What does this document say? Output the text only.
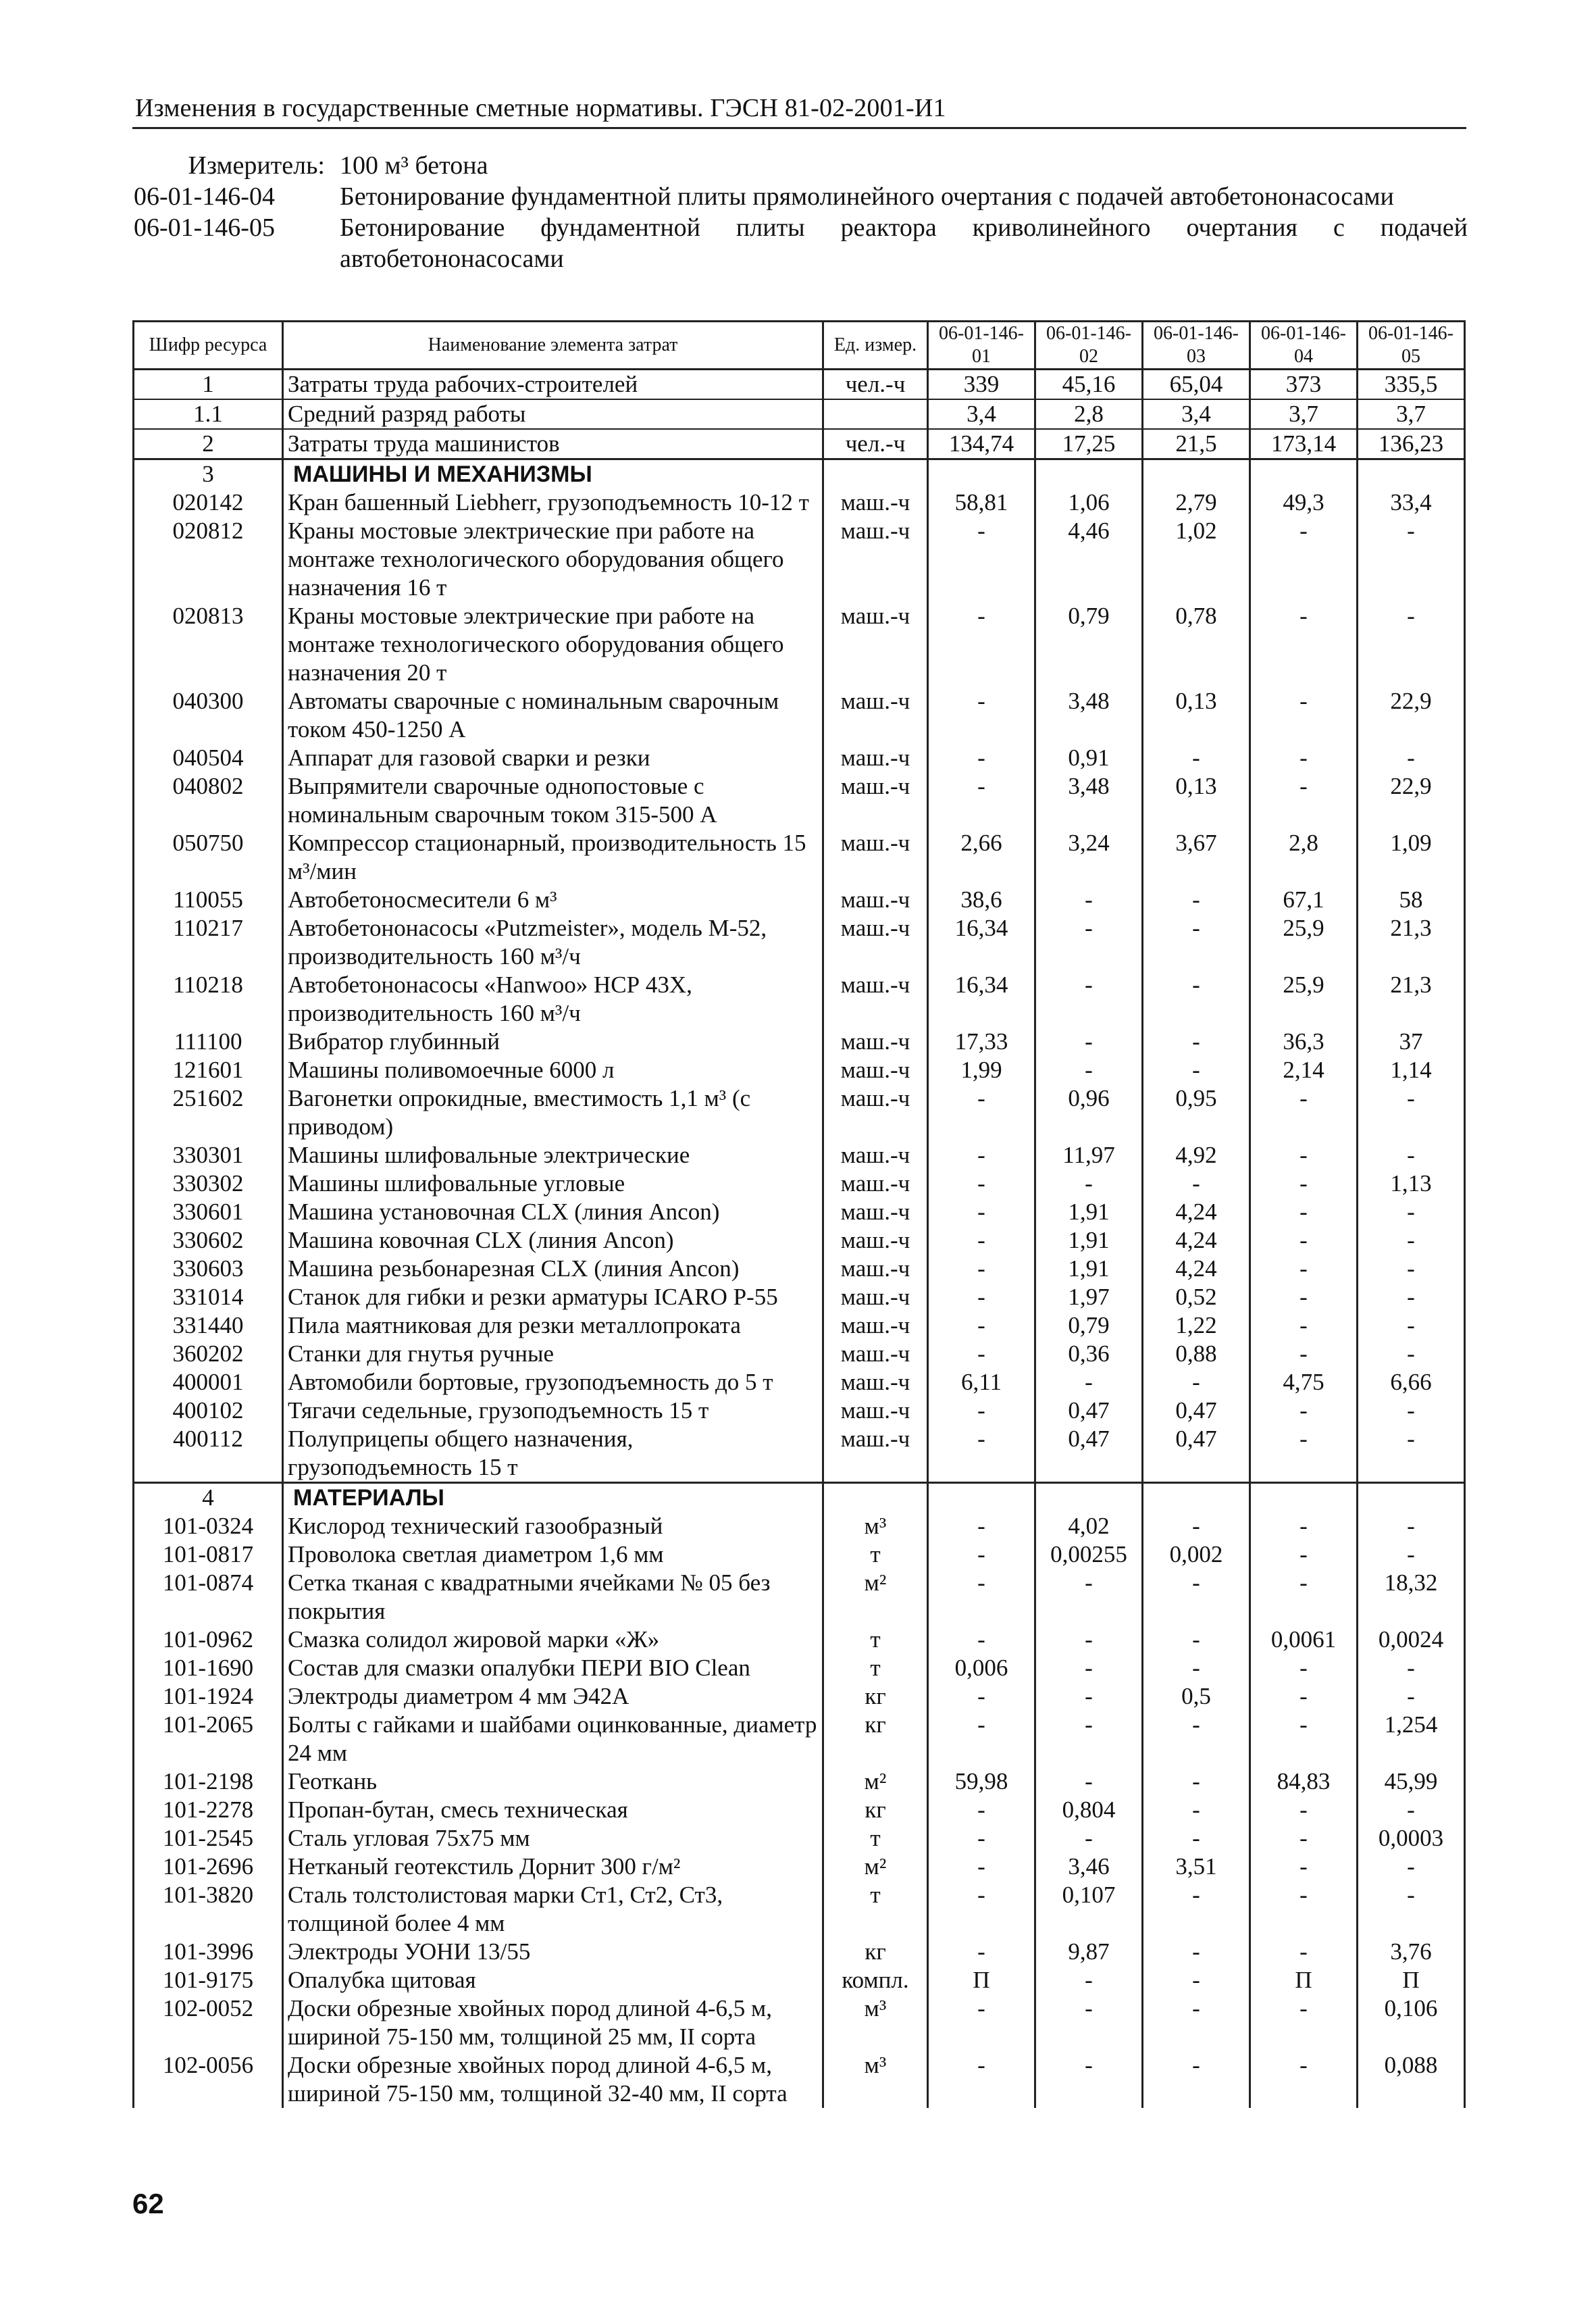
Изменения в государственные сметные нормативы. ГЭСН 81-02-2001-И1
Измеритель: 100 м³ бетона
06-01-146-04	Бетонирование фундаментной плиты прямолинейного очертания с подачей автобетононасосами
06-01-146-05	Бетонирование фундаментной плиты реактора криволинейного очертания с подачей автобетононасосами
Шифр ресурса	Наименование элемента затрат	Ед. измер.	06-01-146-01	06-01-146-02	06-01-146-03	06-01-146-04	06-01-146-05
1	Затраты труда рабочих-строителей	чел.-ч	339	45,16	65,04	373	335,5
1.1	Средний разряд работы		3,4	2,8	3,4	3,7	3,7
2	Затраты труда машинистов	чел.-ч	134,74	17,25	21,5	173,14	136,23
3	МАШИНЫ И МЕХАНИЗМЫ						
020142	Кран башенный Liebherr, грузоподъемность 10-12 т	маш.-ч	58,81	1,06	2,79	49,3	33,4
020812	Краны мостовые электрические при работе на монтаже технологического оборудования общего назначения 16 т	маш.-ч	-	4,46	1,02	-	-
020813	Краны мостовые электрические при работе на монтаже технологического оборудования общего назначения 20 т	маш.-ч	-	0,79	0,78	-	-
040300	Автоматы сварочные с номинальным сварочным током 450-1250 А	маш.-ч	-	3,48	0,13	-	22,9
040504	Аппарат для газовой сварки и резки	маш.-ч	-	0,91	-	-	-
040802	Выпрямители сварочные однопостовые с номинальным сварочным током 315-500 А	маш.-ч	-	3,48	0,13	-	22,9
050750	Компрессор стационарный, производительность 15 м³/мин	маш.-ч	2,66	3,24	3,67	2,8	1,09
110055	Автобетоносмесители 6 м³	маш.-ч	38,6	-	-	67,1	58
110217	Автобетононасосы «Putzmeister», модель М-52, производительность 160 м³/ч	маш.-ч	16,34	-	-	25,9	21,3
110218	Автобетононасосы «Hanwoo» НСР 43Х, производительность 160 м³/ч	маш.-ч	16,34	-	-	25,9	21,3
111100	Вибратор глубинный	маш.-ч	17,33	-	-	36,3	37
121601	Машины поливомоечные 6000 л	маш.-ч	1,99	-	-	2,14	1,14
251602	Вагонетки опрокидные, вместимость 1,1 м³ (с приводом)	маш.-ч	-	0,96	0,95	-	-
330301	Машины шлифовальные электрические	маш.-ч	-	11,97	4,92	-	-
330302	Машины шлифовальные угловые	маш.-ч	-	-	-	-	1,13
330601	Машина установочная CLX (линия Ancon)	маш.-ч	-	1,91	4,24	-	-
330602	Машина ковочная CLX (линия Ancon)	маш.-ч	-	1,91	4,24	-	-
330603	Машина резьбонарезная CLX (линия Ancon)	маш.-ч	-	1,91	4,24	-	-
331014	Станок для гибки и резки арматуры ICARO P-55	маш.-ч	-	1,97	0,52	-	-
331440	Пила маятниковая для резки металлопроката	маш.-ч	-	0,79	1,22	-	-
360202	Станки для гнутья ручные	маш.-ч	-	0,36	0,88	-	-
400001	Автомобили бортовые, грузоподъемность до 5 т	маш.-ч	6,11	-	-	4,75	6,66
400102	Тягачи седельные, грузоподъемность 15 т	маш.-ч	-	0,47	0,47	-	-
400112	Полуприцепы общего назначения, грузоподъемность 15 т	маш.-ч	-	0,47	0,47	-	-
4	МАТЕРИАЛЫ						
101-0324	Кислород технический газообразный	м³	-	4,02	-	-	-
101-0817	Проволока светлая диаметром 1,6 мм	т	-	0,00255	0,002	-	-
101-0874	Сетка тканая с квадратными ячейками № 05 без покрытия	м²	-	-	-	-	18,32
101-0962	Смазка солидол жировой марки «Ж»	т	-	-	-	0,0061	0,0024
101-1690	Состав для смазки опалубки ПЕРИ BIO Clean	т	0,006	-	-	-	-
101-1924	Электроды диаметром 4 мм Э42А	кг	-	-	0,5	-	-
101-2065	Болты с гайками и шайбами оцинкованные, диаметр 24 мм	кг	-	-	-	-	1,254
101-2198	Геоткань	м²	59,98	-	-	84,83	45,99
101-2278	Пропан-бутан, смесь техническая	кг	-	0,804	-	-	-
101-2545	Сталь угловая 75х75 мм	т	-	-	-	-	0,0003
101-2696	Нетканый геотекстиль Дорнит 300 г/м²	м²	-	3,46	3,51	-	-
101-3820	Сталь толстолистовая марки Ст1, Ст2, Ст3, толщиной более 4 мм	т	-	0,107	-	-	-
101-3996	Электроды УОНИ 13/55	кг	-	9,87	-	-	3,76
101-9175	Опалубка щитовая	компл.	П	-	-	П	П
102-0052	Доски обрезные хвойных пород длиной 4-6,5 м, шириной 75-150 мм, толщиной 25 мм, II сорта	м³	-	-	-	-	0,106
102-0056	Доски обрезные хвойных пород длиной 4-6,5 м, шириной 75-150 мм, толщиной 32-40 мм, II сорта	м³	-	-	-	-	0,088
62
